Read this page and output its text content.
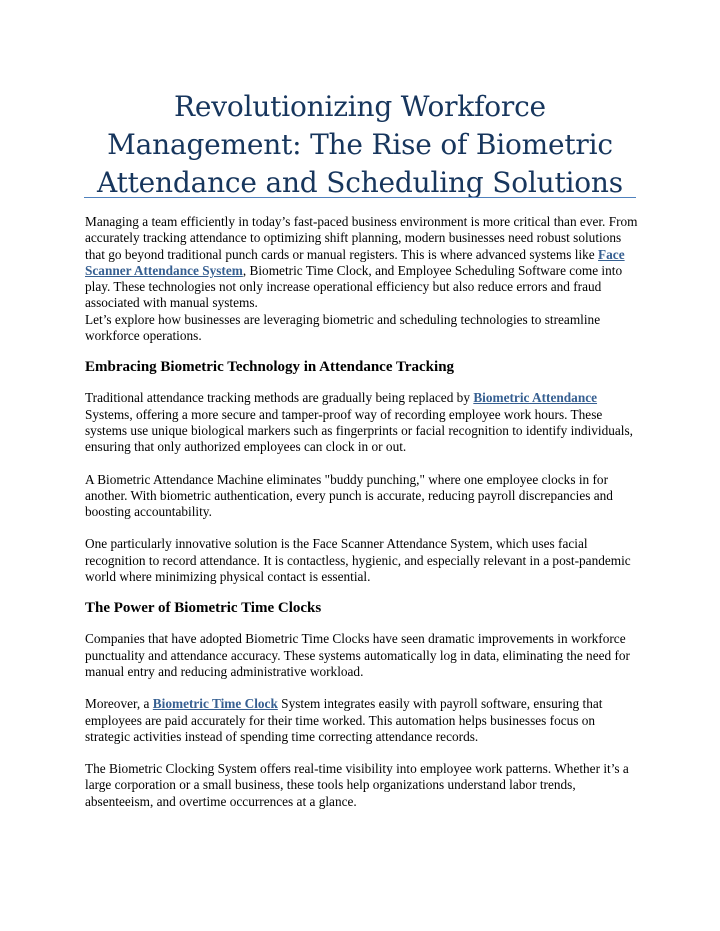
Revolutionizing Workforce Management: The Rise of Biometric Attendance and Scheduling Solutions

Managing a team efficiently in today’s fast-paced business environment is more critical than ever. From accurately tracking attendance to optimizing shift planning, modern businesses need robust solutions that go beyond traditional punch cards or manual registers. This is where advanced systems like Face Scanner Attendance System, Biometric Time Clock, and Employee Scheduling Software come into play. These technologies not only increase operational efficiency but also reduce errors and fraud associated with manual systems.

Let’s explore how businesses are leveraging biometric and scheduling technologies to streamline workforce operations.

Embracing Biometric Technology in Attendance Tracking

Traditional attendance tracking methods are gradually being replaced by Biometric Attendance Systems, offering a more secure and tamper-proof way of recording employee work hours. These systems use unique biological markers such as fingerprints or facial recognition to identify individuals, ensuring that only authorized employees can clock in or out.

A Biometric Attendance Machine eliminates "buddy punching," where one employee clocks in for another. With biometric authentication, every punch is accurate, reducing payroll discrepancies and boosting accountability.

One particularly innovative solution is the Face Scanner Attendance System, which uses facial recognition to record attendance. It is contactless, hygienic, and especially relevant in a post-pandemic world where minimizing physical contact is essential.

The Power of Biometric Time Clocks

Companies that have adopted Biometric Time Clocks have seen dramatic improvements in workforce punctuality and attendance accuracy. These systems automatically log in data, eliminating the need for manual entry and reducing administrative workload.

Moreover, a Biometric Time Clock System integrates easily with payroll software, ensuring that employees are paid accurately for their time worked. This automation helps businesses focus on strategic activities instead of spending time correcting attendance records.

The Biometric Clocking System offers real-time visibility into employee work patterns. Whether it’s a large corporation or a small business, these tools help organizations understand labor trends, absenteeism, and overtime occurrences at a glance.
